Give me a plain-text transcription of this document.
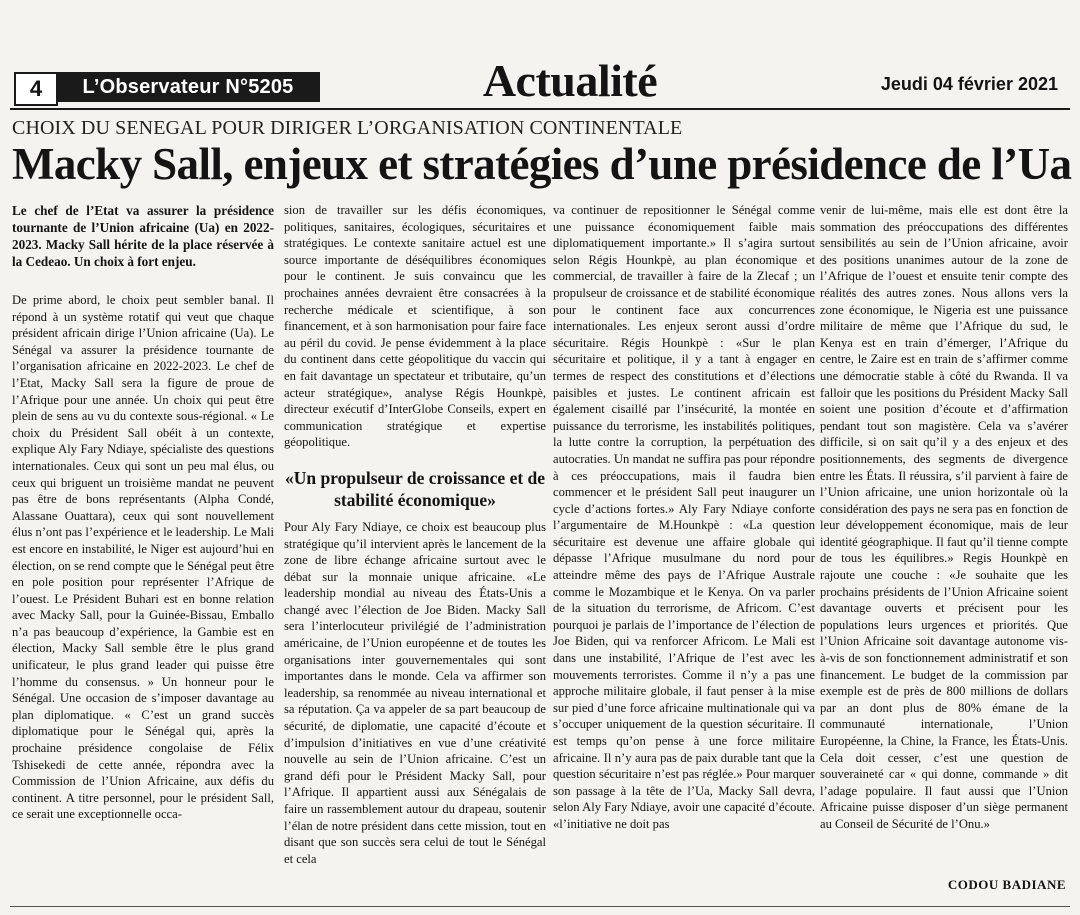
4	L’Observateur N°5205	Actualité	Jeudi 04 février 2021
CHOIX DU SENEGAL POUR DIRIGER L’ORGANISATION CONTINENTALE
Macky Sall, enjeux et stratégies d’une présidence de l’Ua

Le chef de l’Etat va assurer la présidence tournante de l’Union africaine (Ua) en 2022-2023. Macky Sall hérite de la place réservée à la Cedeao. Un choix à fort enjeu.

De prime abord, le choix peut sembler banal. Il répond à un système rotatif qui veut que chaque président africain dirige l’Union africaine (Ua). Le Sénégal va assurer la présidence tournante de l’organisation africaine en 2022-2023. Le chef de l’Etat, Macky Sall sera la figure de proue de l’Afrique pour une année. Un choix qui peut être plein de sens au vu du contexte sous-régional. « Le choix du Président Sall obéit à un contexte, explique Aly Fary Ndiaye, spécialiste des questions internationales. Ceux qui sont un peu mal élus, ou ceux qui briguent un troisième mandat ne peuvent pas être de bons représentants (Alpha Condé, Alassane Ouattara), ceux qui sont nouvellement élus n’ont pas l’expérience et le leadership. Le Mali est encore en instabilité, le Niger est aujourd’hui en élection, on se rend compte que le Sénégal peut être en pole position pour représenter l’Afrique de l’ouest. Le Président Buhari est en bonne relation avec Macky Sall, pour la Guinée-Bissau, Emballo n’a pas beaucoup d’expérience, la Gambie est en élection, Macky Sall semble être le plus grand unificateur, le plus grand leader qui puisse être l’homme du consensus. » Un honneur pour le Sénégal. Une occasion de s’imposer davantage au plan diplomatique. « C’est un grand succès diplomatique pour le Sénégal qui, après la prochaine présidence congolaise de Félix Tshisekedi de cette année, répondra avec la Commission de l’Union Africaine, aux défis du continent. A titre personnel, pour le président Sall, ce serait une exceptionnelle occa-

sion de travailler sur les défis économiques, politiques, sanitaires, écologiques, sécuritaires et stratégiques. Le contexte sanitaire actuel est une source importante de déséquilibres économiques pour le continent. Je suis convaincu que les prochaines années devraient être consacrées à la recherche médicale et scientifique, à son financement, et à son harmonisation pour faire face au péril du covid. Je pense évidemment à la place du continent dans cette géopolitique du vaccin qui en fait davantage un spectateur et tributaire, qu’un acteur stratégique», analyse Régis Hounkpè, directeur exécutif d’InterGlobe Conseils, expert en communication stratégique et expertise géopolitique.

«Un propulseur de croissance et de stabilité économique»

Pour Aly Fary Ndiaye, ce choix est beaucoup plus stratégique qu’il intervient après le lancement de la zone de libre échange africaine surtout avec le débat sur la monnaie unique africaine. «Le leadership mondial au niveau des États-Unis a changé avec l’élection de Joe Biden. Macky Sall sera l’interlocuteur privilégié de l’administration américaine, de l’Union européenne et de toutes les organisations inter gouvernementales qui sont importantes dans le monde. Cela va affirmer son leadership, sa renommée au niveau international et sa réputation. Ça va appeler de sa part beaucoup de sécurité, de diplomatie, une capacité d’écoute et d’impulsion d’initiatives en vue d’une créativité nouvelle au sein de l’Union africaine. C’est un grand défi pour le Président Macky Sall, pour l’Afrique. Il appartient aussi aux Sénégalais de faire un rassemblement autour du drapeau, soutenir l’élan de notre président dans cette mission, tout en disant que son succès sera celui de tout le Sénégal et cela

va continuer de repositionner le Sénégal comme une puissance économiquement faible mais diplomatiquement importante.» Il s’agira surtout selon Régis Hounkpè, au plan économique et commercial, de travailler à faire de la Zlecaf ; un propulseur de croissance et de stabilité économique pour le continent face aux concurrences internationales. Les enjeux seront aussi d’ordre sécuritaire. Régis Hounkpè : «Sur le plan sécuritaire et politique, il y a tant à engager en termes de respect des constitutions et d’élections paisibles et justes. Le continent africain est également cisaillé par l’insécurité, la montée en puissance du terrorisme, les instabilités politiques, la lutte contre la corruption, la perpétuation des autocraties. Un mandat ne suffira pas pour répondre à ces préoccupations, mais il faudra bien commencer et le président Sall peut inaugurer un cycle d’actions fortes.» Aly Fary Ndiaye conforte l’argumentaire de M.Hounkpè : «La question sécuritaire est devenue une affaire globale qui dépasse l’Afrique musulmane du nord pour atteindre même des pays de l’Afrique Australe comme le Mozambique et le Kenya. On va parler de la situation du terrorisme, de Africom. C’est pourquoi je parlais de l’importance de l’élection de Joe Biden, qui va renforcer Africom. Le Mali est dans une instabilité, l’Afrique de l’est avec les mouvements terroristes. Comme il n’y a pas une approche militaire globale, il faut penser à la mise sur pied d’une force africaine multinationale qui va s’occuper uniquement de la question sécuritaire. Il est temps qu’on pense à une force militaire africaine. Il n’y aura pas de paix durable tant que la question sécuritaire n’est pas réglée.» Pour marquer son passage à la tête de l’Ua, Macky Sall devra, selon Aly Fary Ndiaye, avoir une capacité d’écoute. «l’initiative ne doit pas

venir de lui-même, mais elle est dont être la sommation des préoccupations des différentes sensibilités au sein de l’Union africaine, avoir des positions unanimes autour de la zone de l’Afrique de l’ouest et ensuite tenir compte des réalités des autres zones. Nous allons vers la zone économique, le Nigeria est une puissance militaire de même que l’Afrique du sud, le Kenya est en train d’émerger, l’Afrique du centre, le Zaire est en train de s’affirmer comme une démocratie stable à côté du Rwanda. Il va falloir que les positions du Président Macky Sall soient une position d’écoute et d’affirmation pendant tout son magistère. Cela va s’avérer difficile, si on sait qu’il y a des enjeux et des positionnements, des segments de divergence entre les États. Il réussira, s’il parvient à faire de l’Union africaine, une union horizontale où la considération des pays ne sera pas en fonction de leur développement économique, mais de leur identité géographique. Il faut qu’il tienne compte de tous les équilibres.» Regis Hounkpè en rajoute une couche : «Je souhaite que les prochains présidents de l’Union Africaine soient davantage ouverts et précisent pour les populations leurs urgences et priorités. Que l’Union Africaine soit davantage autonome vis-à-vis de son fonctionnement administratif et son financement. Le budget de la commission par exemple est de près de 800 millions de dollars par an dont plus de 80% émane de la communauté internationale, l’Union Européenne, la Chine, la France, les États-Unis. Cela doit cesser, c’est une question de souveraineté car « qui donne, commande » dit l’adage populaire. Il faut aussi que l’Union Africaine puisse disposer d’un siège permanent au Conseil de Sécurité de l’Onu.»

CODOU BADIANE
